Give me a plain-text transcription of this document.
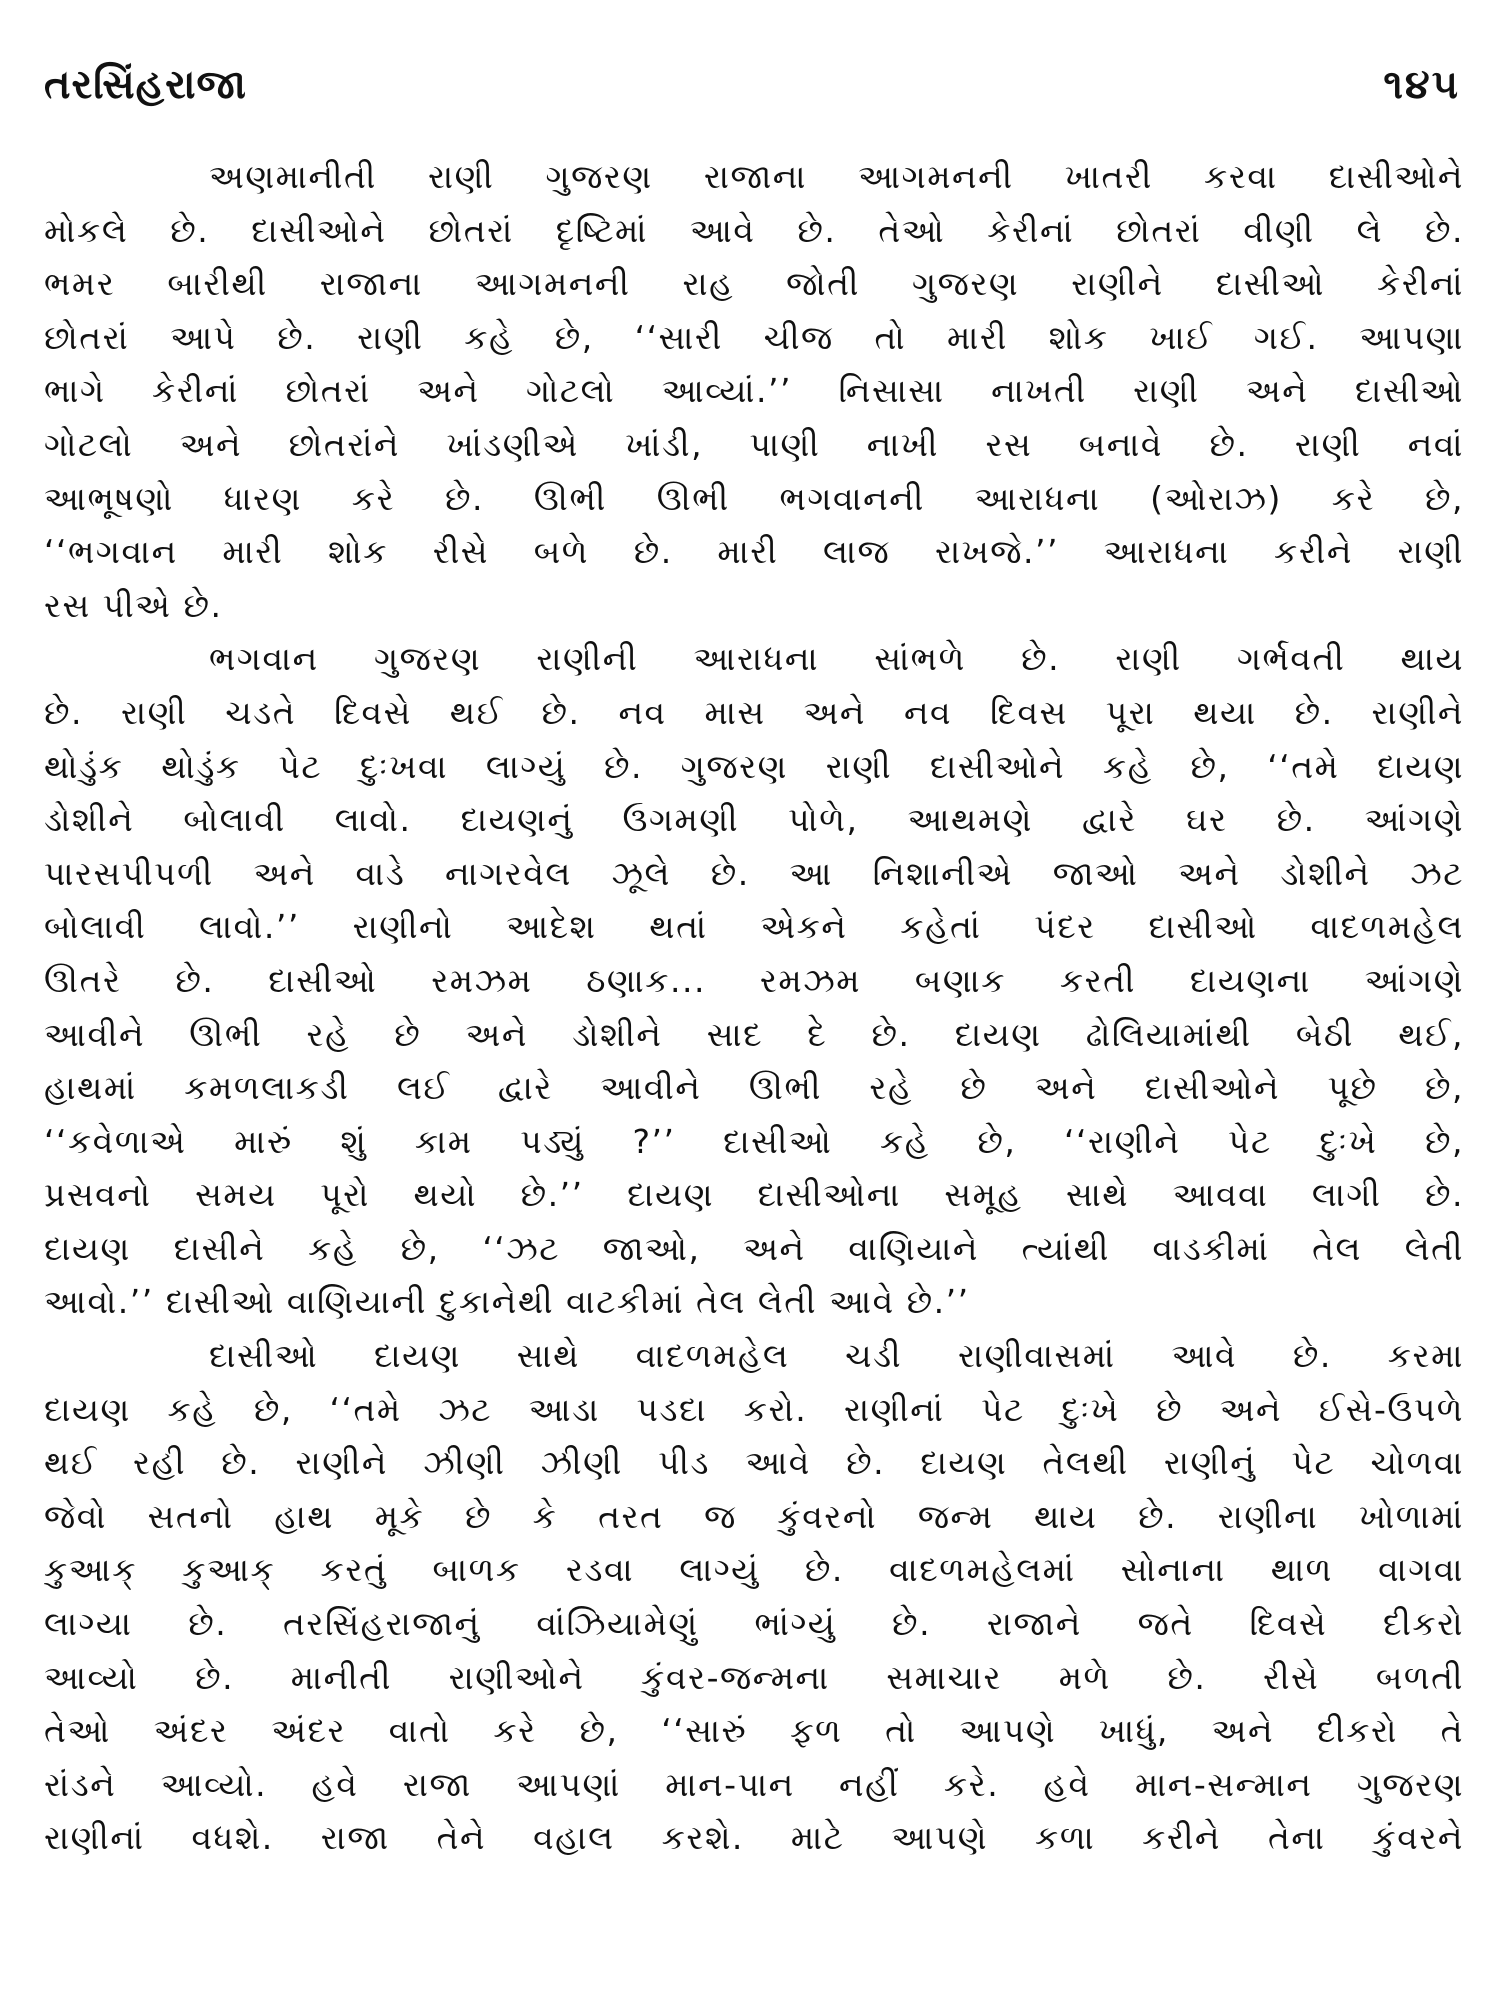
તરસિંહરાજા	૧૪૫
અણમાનીતી રાણી ગુજરણ રાજાના આગમનની ખાતરી કરવા દાસીઓને
મોકલે છે. દાસીઓને છોતરાં દૃષ્ટિમાં આવે છે. તેઓ કેરીનાં છોતરાં વીણી લે છે.
ભમર બારીથી રાજાના આગમનની રાહ જોતી ગુજરણ રાણીને દાસીઓ કેરીનાં
છોતરાં આપે છે. રાણી કહે છે, ‘‘સારી ચીજ તો મારી શોક ખાઈ ગઈ. આપણા
ભાગે કેરીનાં છોતરાં અને ગોટલો આવ્યાં.’’ નિસાસા નાખતી રાણી અને દાસીઓ
ગોટલો અને છોતરાંને ખાંડણીએ ખાંડી, પાણી નાખી રસ બનાવે છે. રાણી નવાં
આભૂષણો ધારણ કરે છે. ઊભી ઊભી ભગવાનની આરાધના (ઓરાઝ) કરે છે,
‘‘ભગવાન મારી શોક રીસે બળે છે. મારી લાજ રાખજે.’’ આરાધના કરીને રાણી
રસ પીએ છે.
ભગવાન ગુજરણ રાણીની આરાધના સાંભળે છે. રાણી ગર્ભવતી થાય
છે. રાણી ચડતે દિવસે થઈ છે. નવ માસ અને નવ દિવસ પૂરા થયા છે. રાણીને
થોડુંક થોડુંક પેટ દુઃખવા લાગ્યું છે. ગુજરણ રાણી દાસીઓને કહે છે, ‘‘તમે દાયણ
ડોશીને બોલાવી લાવો. દાયણનું ઉગમણી પોળે, આથમણે દ્વારે ઘર છે. આંગણે
પારસપીપળી અને વાડે નાગરવેલ ઝૂલે છે. આ નિશાનીએ જાઓ અને ડોશીને ઝટ
બોલાવી લાવો.’’ રાણીનો આદેશ થતાં એકને કહેતાં પંદર દાસીઓ વાદળમહેલ
ઊતરે છે. દાસીઓ રમઝમ ઠણાક... રમઝમ બણાક કરતી દાયણના આંગણે
આવીને ઊભી રહે છે અને ડોશીને સાદ દે છે. દાયણ ઢોલિયામાંથી બેઠી થઈ,
હાથમાં કમળલાકડી લઈ દ્વારે આવીને ઊભી રહે છે અને દાસીઓને પૂછે છે,
‘‘કવેળાએ મારું શું કામ પડ્યું ?’’ દાસીઓ કહે છે, ‘‘રાણીને પેટ દુઃખે છે,
પ્રસવનો સમય પૂરો થયો છે.’’ દાયણ દાસીઓના સમૂહ સાથે આવવા લાગી છે.
દાયણ દાસીને કહે છે, ‘‘ઝટ જાઓ, અને વાણિયાને ત્યાંથી વાડકીમાં તેલ લેતી
આવો.’’ દાસીઓ વાણિયાની દુકાનેથી વાટકીમાં તેલ લેતી આવે છે.’’
દાસીઓ દાયણ સાથે વાદળમહેલ ચડી રાણીવાસમાં આવે છે. કરમા
દાયણ કહે છે, ‘‘તમે ઝટ આડા પડદા કરો. રાણીનાં પેટ દુઃખે છે અને ઈસે-ઉપળે
થઈ રહી છે. રાણીને ઝીણી ઝીણી પીડ આવે છે. દાયણ તેલથી રાણીનું પેટ ચોળવા
જેવો સતનો હાથ મૂકે છે કે તરત જ કુંવરનો જન્મ થાય છે. રાણીના ખોળામાં
કુઆક્ કુઆક્ કરતું બાળક રડવા લાગ્યું છે. વાદળમહેલમાં સોનાના થાળ વાગવા
લાગ્યા છે. તરસિંહરાજાનું વાંઝિયામેણું ભાંગ્યું છે. રાજાને જતે દિવસે દીકરો
આવ્યો છે. માનીતી રાણીઓને કુંવર-જન્મના સમાચાર મળે છે. રીસે બળતી
તેઓ અંદર અંદર વાતો કરે છે, ‘‘સારું ફળ તો આપણે ખાધું, અને દીકરો તે
રાંડને આવ્યો. હવે રાજા આપણાં માન-પાન નહીં કરે. હવે માન-સન્માન ગુજરણ
રાણીનાં વધશે. રાજા તેને વહાલ કરશે. માટે આપણે કળા કરીને તેના કુંવરને
